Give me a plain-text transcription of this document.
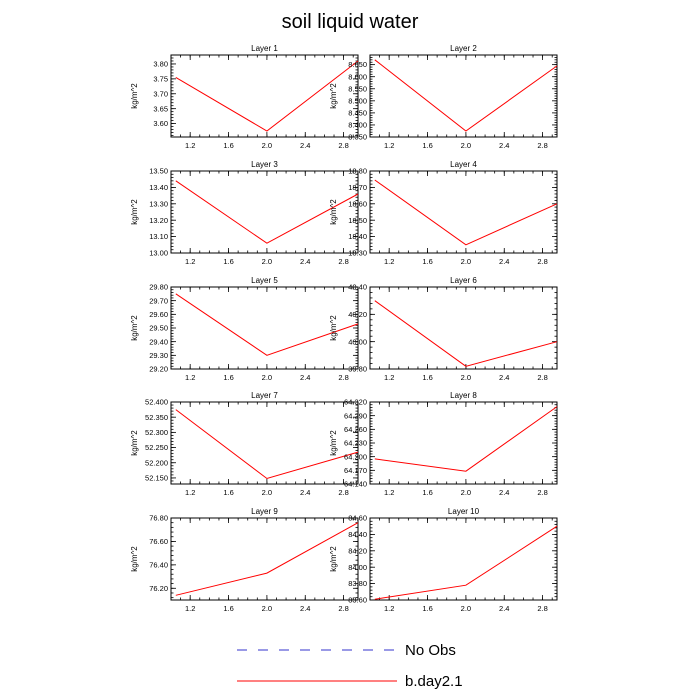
soil liquid water
Layer 1
kg/m^2
1.2	1.6	2.0	2.4	2.8
3.60
3.65
3.70
3.75
3.80
Layer 2
kg/m^2
1.2	1.6	2.0	2.4	2.8
8.350
8.400
8.450
8.500
8.550
8.600
8.650
Layer 3
kg/m^2
1.2	1.6	2.0	2.4	2.8
13.00
13.10
13.20
13.30
13.40
13.50
Layer 4
kg/m^2
1.2	1.6	2.0	2.4	2.8
18.30
18.40
18.50
18.60
18.70
18.80
Layer 5
kg/m^2
1.2	1.6	2.0	2.4	2.8
29.20
29.30
29.40
29.50
29.60
29.70
29.80
Layer 6
kg/m^2
1.2	1.6	2.0	2.4	2.8
39.80
40.00
40.20
40.40
Layer 7
kg/m^2
1.2	1.6	2.0	2.4	2.8
52.150
52.200
52.250
52.300
52.350
52.400
Layer 8
kg/m^2
1.2	1.6	2.0	2.4	2.8
64.140
64.170
64.200
64.230
64.260
64.290
64.320
Layer 9
kg/m^2
1.2	1.6	2.0	2.4	2.8
76.20
76.40
76.60
76.80
Layer 10
kg/m^2
1.2	1.6	2.0	2.4	2.8
83.60
83.80
84.00
84.20
84.40
84.60
No Obs
b.day2.1
